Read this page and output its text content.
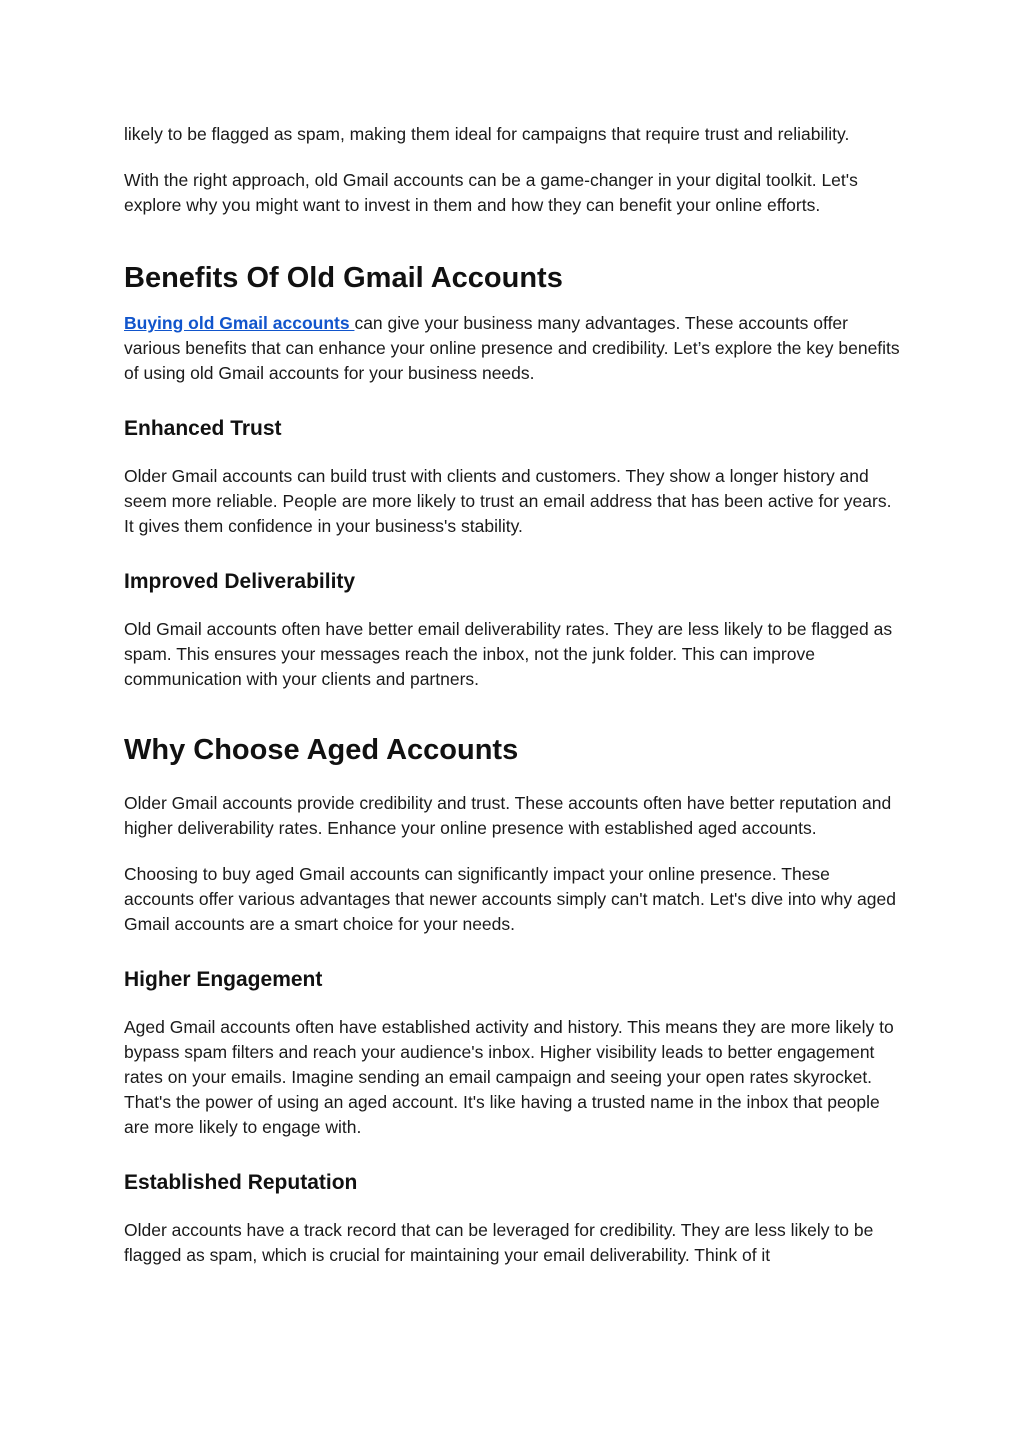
likely to be flagged as spam, making them ideal for campaigns that require trust and reliability.

With the right approach, old Gmail accounts can be a game-changer in your digital toolkit. Let's explore why you might want to invest in them and how they can benefit your online efforts.

Benefits Of Old Gmail Accounts

Buying old Gmail accounts can give your business many advantages. These accounts offer various benefits that can enhance your online presence and credibility. Let’s explore the key benefits of using old Gmail accounts for your business needs.

Enhanced Trust

Older Gmail accounts can build trust with clients and customers. They show a longer history and seem more reliable. People are more likely to trust an email address that has been active for years. It gives them confidence in your business's stability.

Improved Deliverability

Old Gmail accounts often have better email deliverability rates. They are less likely to be flagged as spam. This ensures your messages reach the inbox, not the junk folder. This can improve communication with your clients and partners.

Why Choose Aged Accounts

Older Gmail accounts provide credibility and trust. These accounts often have better reputation and higher deliverability rates. Enhance your online presence with established aged accounts.

Choosing to buy aged Gmail accounts can significantly impact your online presence. These accounts offer various advantages that newer accounts simply can't match. Let's dive into why aged Gmail accounts are a smart choice for your needs.

Higher Engagement

Aged Gmail accounts often have established activity and history. This means they are more likely to bypass spam filters and reach your audience's inbox. Higher visibility leads to better engagement rates on your emails. Imagine sending an email campaign and seeing your open rates skyrocket. That's the power of using an aged account. It's like having a trusted name in the inbox that people are more likely to engage with.

Established Reputation

Older accounts have a track record that can be leveraged for credibility. They are less likely to be flagged as spam, which is crucial for maintaining your email deliverability. Think of it
